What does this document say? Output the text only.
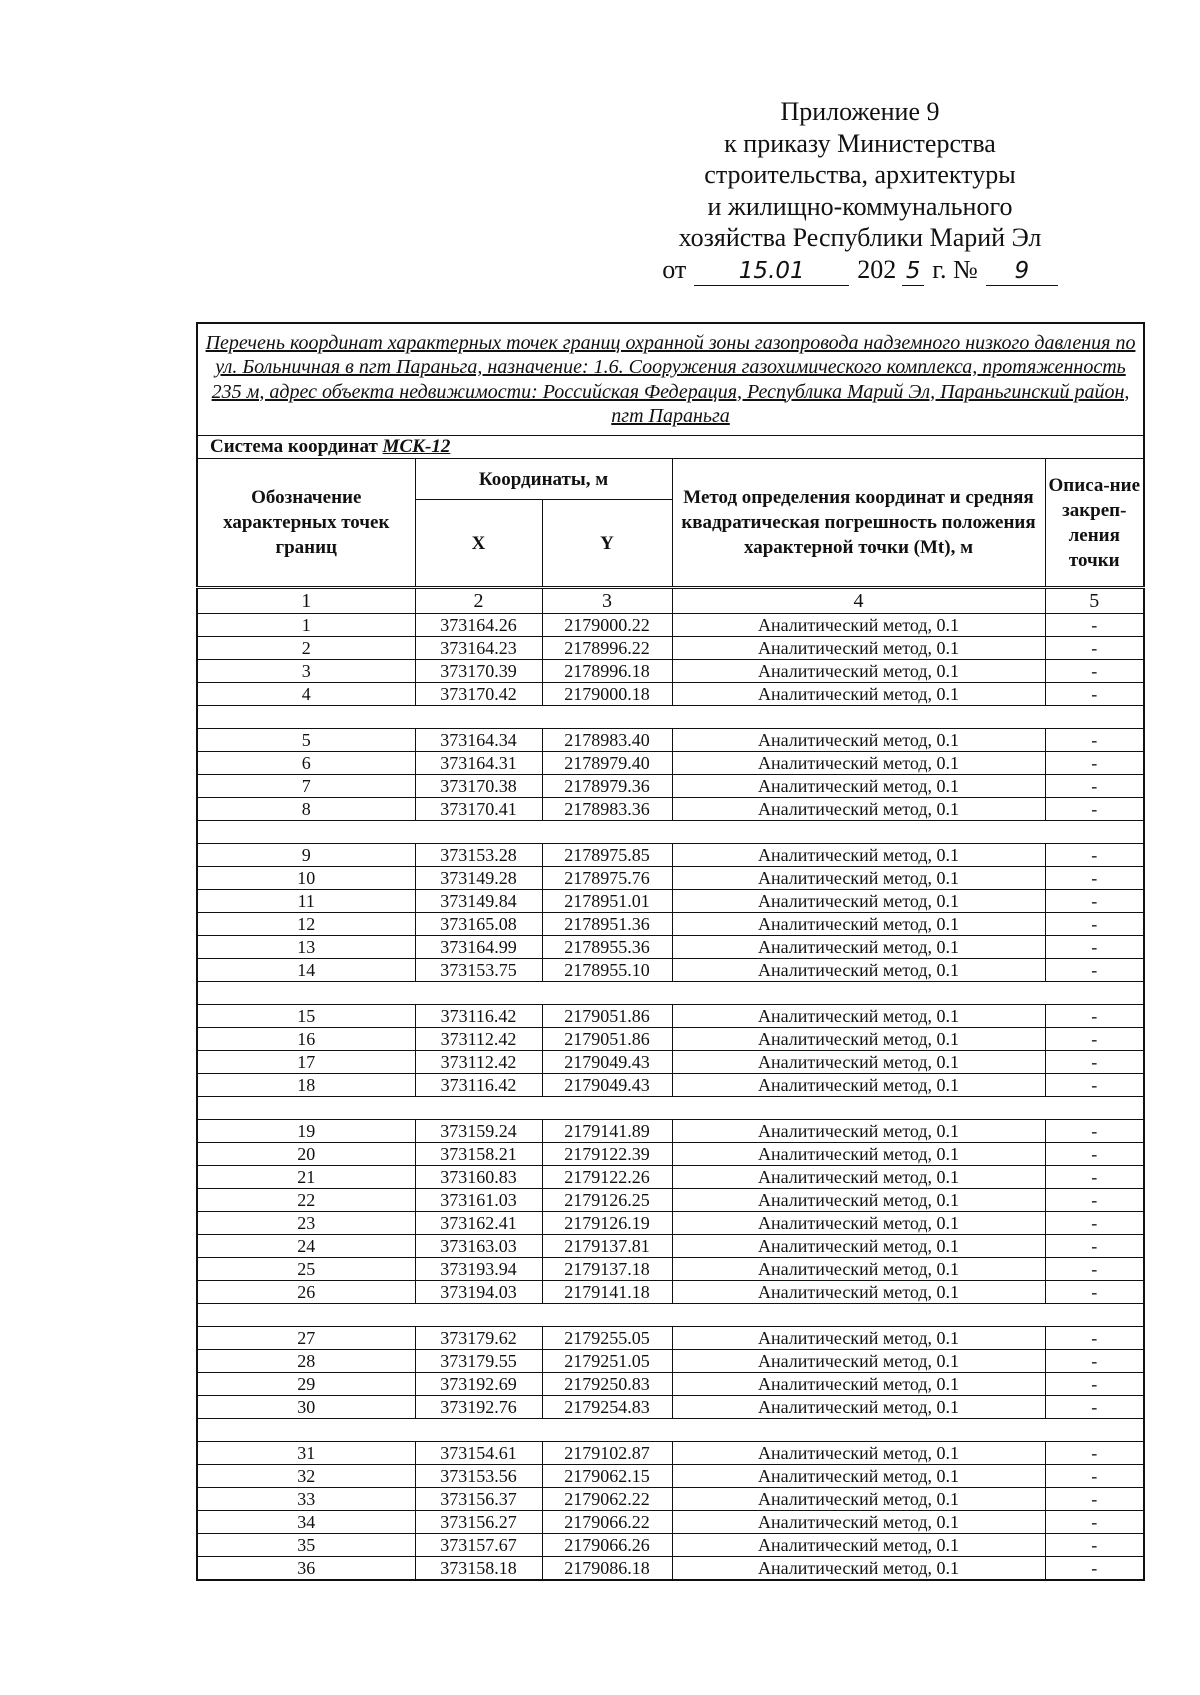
Приложение 9
к приказу Министерства
строительства, архитектуры
и жилищно-коммунального
хозяйства Республики Марий Эл
от	15.01	202 5 г. №	9
Перечень координат характерных точек границ охранной зоны газопровода надземного низкого давления по ул. Больничная в пгт Параньга, назначение: 1.6. Сооружения газохимического комплекса, протяженность 235 м, адрес объекта недвижимости: Российская Федерация, Республика Марий Эл, Параньгинский район, пгт Параньга				
Система координат МСК-12				
Обозначение характерных точек границ	Координаты, м		Метод определения координат и средняя квадратическая погрешность положения характерной точки (Mt), м	Описа-ние закреп-ления точки
	X	Y		
1	2	3	4	5
1	373164.26	2179000.22	Аналитический метод, 0.1	-
2	373164.23	2178996.22	Аналитический метод, 0.1	-
3	373170.39	2178996.18	Аналитический метод, 0.1	-
4	373170.42	2179000.18	Аналитический метод, 0.1	-

5	373164.34	2178983.40	Аналитический метод, 0.1	-
6	373164.31	2178979.40	Аналитический метод, 0.1	-
7	373170.38	2178979.36	Аналитический метод, 0.1	-
8	373170.41	2178983.36	Аналитический метод, 0.1	-

9	373153.28	2178975.85	Аналитический метод, 0.1	-
10	373149.28	2178975.76	Аналитический метод, 0.1	-
11	373149.84	2178951.01	Аналитический метод, 0.1	-
12	373165.08	2178951.36	Аналитический метод, 0.1	-
13	373164.99	2178955.36	Аналитический метод, 0.1	-
14	373153.75	2178955.10	Аналитический метод, 0.1	-

15	373116.42	2179051.86	Аналитический метод, 0.1	-
16	373112.42	2179051.86	Аналитический метод, 0.1	-
17	373112.42	2179049.43	Аналитический метод, 0.1	-
18	373116.42	2179049.43	Аналитический метод, 0.1	-

19	373159.24	2179141.89	Аналитический метод, 0.1	-
20	373158.21	2179122.39	Аналитический метод, 0.1	-
21	373160.83	2179122.26	Аналитический метод, 0.1	-
22	373161.03	2179126.25	Аналитический метод, 0.1	-
23	373162.41	2179126.19	Аналитический метод, 0.1	-
24	373163.03	2179137.81	Аналитический метод, 0.1	-
25	373193.94	2179137.18	Аналитический метод, 0.1	-
26	373194.03	2179141.18	Аналитический метод, 0.1	-

27	373179.62	2179255.05	Аналитический метод, 0.1	-
28	373179.55	2179251.05	Аналитический метод, 0.1	-
29	373192.69	2179250.83	Аналитический метод, 0.1	-
30	373192.76	2179254.83	Аналитический метод, 0.1	-

31	373154.61	2179102.87	Аналитический метод, 0.1	-
32	373153.56	2179062.15	Аналитический метод, 0.1	-
33	373156.37	2179062.22	Аналитический метод, 0.1	-
34	373156.27	2179066.22	Аналитический метод, 0.1	-
35	373157.67	2179066.26	Аналитический метод, 0.1	-
36	373158.18	2179086.18	Аналитический метод, 0.1	-
